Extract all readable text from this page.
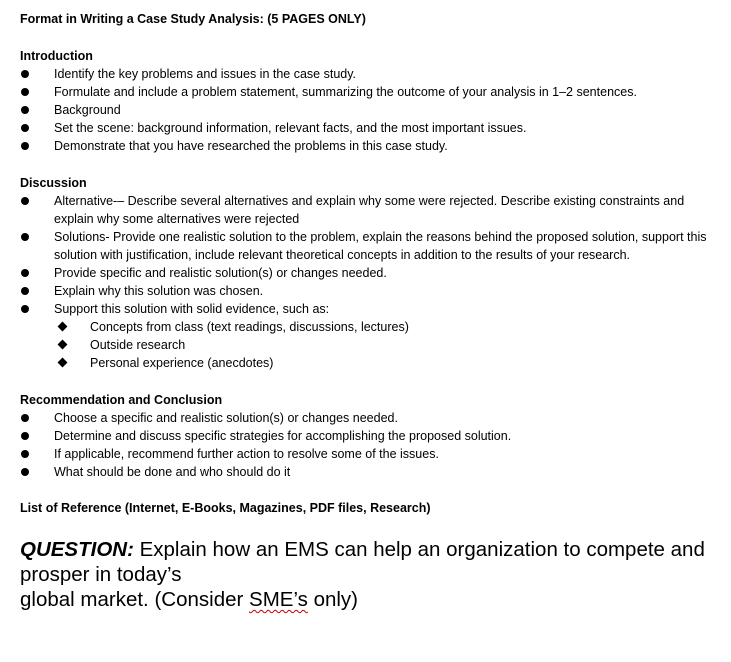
Format in Writing a Case Study Analysis: (5 PAGES ONLY)
Introduction
Identify the key problems and issues in the case study.
Formulate and include a problem statement, summarizing the outcome of your analysis in 1–2 sentences.
Background
Set the scene: background information, relevant facts, and the most important issues.
Demonstrate that you have researched the problems in this case study.
Discussion
Alternative-– Describe several alternatives and explain why some were rejected. Describe existing constraints and explain why some alternatives were rejected
Solutions- Provide one realistic solution to the problem, explain the reasons behind the proposed solution, support this solution with justification, include relevant theoretical concepts in addition to the results of your research.
Provide specific and realistic solution(s) or changes needed.
Explain why this solution was chosen.
Support this solution with solid evidence, such as:
Concepts from class (text readings, discussions, lectures)
Outside research
Personal experience (anecdotes)
Recommendation and Conclusion
Choose a specific and realistic solution(s) or changes needed.
Determine and discuss specific strategies for accomplishing the proposed solution.
If applicable, recommend further action to resolve some of the issues.
What should be done and who should do it
List of Reference (Internet, E-Books, Magazines, PDF files, Research)
QUESTION: Explain how an EMS can help an organization to compete and prosper in today’s
global market. (Consider SME’s only)
